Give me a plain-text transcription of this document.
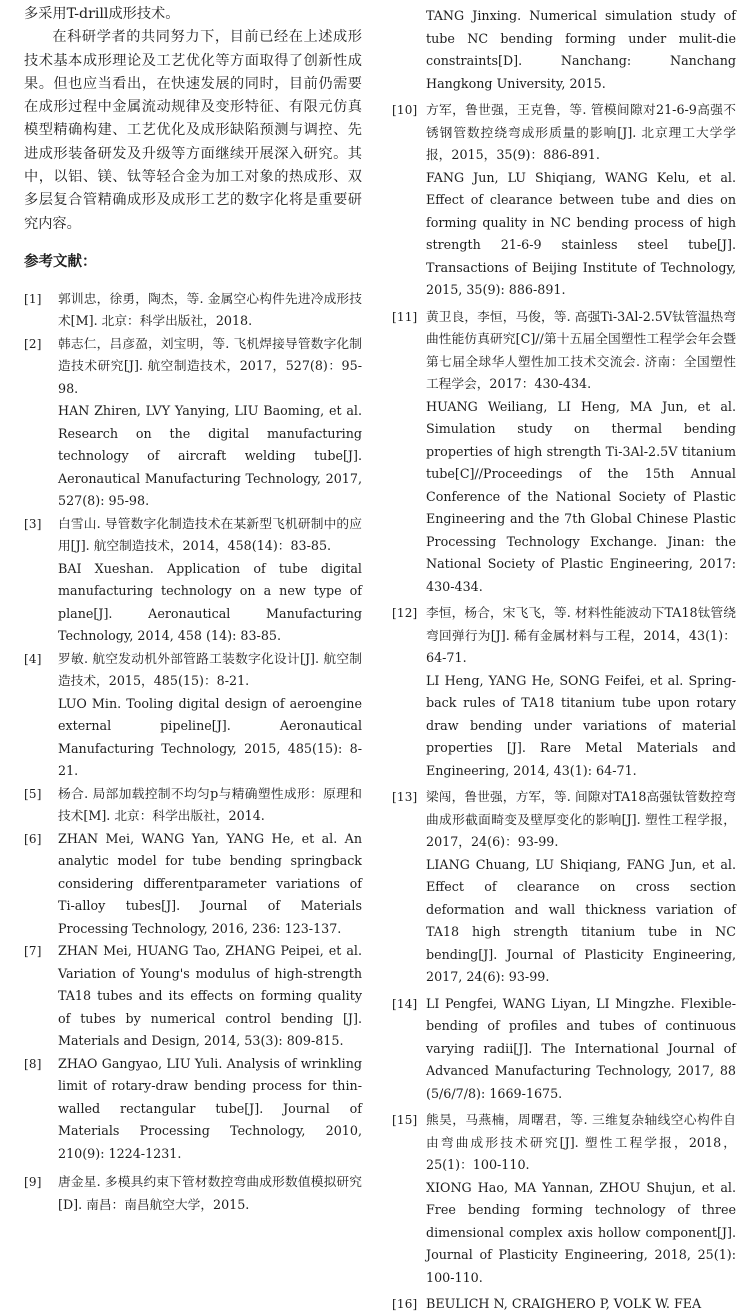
多采用T-drill成形技术。

在科研学者的共同努力下，目前已经在上述成形技术基本成形理论及工艺优化等方面取得了创新性成果。但也应当看出，在快速发展的同时，目前仍需要在成形过程中金属流动规律及变形特征、有限元仿真模型精确构建、工艺优化及成形缺陷预测与调控、先进成形装备研发及升级等方面继续开展深入研究。其中，以铝、镁、钛等轻合金为加工对象的热成形、双多层复合管精确成形及成形工艺的数字化将是重要研究内容。

参考文献：
[1]	郭训忠，徐勇，陶杰，等. 金属空心构件先进冷成形技术[M]. 北京：科学出版社，2018.

[2]	韩志仁，吕彦盈，刘宝明，等. 飞机焊接导管数字化制造技术研究[J]. 航空制造技术，2017，527(8)：95-98.

HAN Zhiren, LVY Yanying, LIU Baoming, et al. Research on the digital manufacturing technology of aircraft welding tube[J]. Aeronautical Manufacturing Technology, 2017, 527(8): 95-98.

[3]	白雪山. 导管数字化制造技术在某新型飞机研制中的应用[J]. 航空制造技术，2014，458(14)：83-85.

BAI Xueshan. Application of tube digital manufacturing technology on a new type of plane[J]. Aeronautical Manufacturing Technology, 2014, 458 (14): 83-85.

[4]	罗敏. 航空发动机外部管路工装数字化设计[J]. 航空制造技术，2015，485(15)：8-21.

LUO Min. Tooling digital design of aeroengine external pipeline[J]. Aeronautical Manufacturing Technology, 2015, 485(15): 8-21.

[5]	杨合. 局部加载控制不均匀p与精确塑性成形：原理和技术[M]. 北京：科学出版社，2014.

[6]	ZHAN Mei, WANG Yan, YANG He, et al. An analytic model for tube bending springback considering differentparameter variations of Ti-alloy tubes[J]. Journal of Materials Processing Technology, 2016, 236: 123-137.

[7]	ZHAN Mei, HUANG Tao, ZHANG Peipei, et al. Variation of Young's modulus of high-strength TA18 tubes and its effects on forming quality of tubes by numerical control bending [J]. Materials and Design, 2014, 53(3): 809-815.

[8]	ZHAO Gangyao, LIU Yuli. Analysis of wrinkling limit of rotary-draw bending process for thin-walled rectangular tube[J]. Journal of Materials Processing Technology, 2010, 210(9): 1224-1231.

[9]	唐金星. 多模具约束下管材数控弯曲成形数值模拟研究[D]. 南昌：南昌航空大学，2015.

TANG Jinxing. Numerical simulation study of tube NC bending forming under mulit-die constraints[D]. Nanchang: Nanchang Hangkong University, 2015.

[10] 方军，鲁世强，王克鲁，等. 管模间隙对21-6-9高强不锈钢管数控绕弯成形质量的影响[J]. 北京理工大学学报，2015，35(9)：886-891.

FANG Jun, LU Shiqiang, WANG Kelu, et al. Effect of clearance between tube and dies on forming quality in NC bending process of high strength 21-6-9 stainless steel tube[J]. Transactions of Beijing Institute of Technology, 2015, 35(9): 886-891.

[11] 黄卫良，李恒，马俊，等. 高强Ti-3Al-2.5V钛管温热弯曲性能仿真研究[C]//第十五届全国塑性工程学会年会暨第七届全球华人塑性加工技术交流会. 济南：全国塑性工程学会，2017：430-434.

HUANG Weiliang, LI Heng, MA Jun, et al. Simulation study on thermal bending properties of high strength Ti-3Al-2.5V titanium tube[C]//Proceedings of the 15th Annual Conference of the National Society of Plastic Engineering and the 7th Global Chinese Plastic Processing Technology Exchange. Jinan: the National Society of Plastic Engineering, 2017: 430-434.

[12] 李恒，杨合，宋飞飞，等. 材料性能波动下TA18钛管绕弯回弹行为[J]. 稀有金属材料与工程，2014，43(1)：64-71.

LI Heng, YANG He, SONG Feifei, et al. Springback rules of TA18 titanium tube upon rotary draw bending under variations of material properties [J]. Rare Metal Materials and Engineering, 2014, 43(1): 64-71.

[13] 梁闯，鲁世强，方军，等. 间隙对TA18高强钛管数控弯曲成形截面畸变及壁厚变化的影响[J]. 塑性工程学报，2017，24(6)：93-99.

LIANG Chuang, LU Shiqiang, FANG Jun, et al. Effect of clearance on cross section deformation and wall thickness variation of TA18 high strength titanium tube in NC bending[J]. Journal of Plasticity Engineering, 2017, 24(6): 93-99.

[14] LI Pengfei, WANG Liyan, LI Mingzhe. Flexible-bending of profiles and tubes of continuous varying radii[J]. The International Journal of Advanced Manufacturing Technology, 2017, 88 (5/6/7/8): 1669-1675.

[15] 熊昊，马燕楠，周曙君，等. 三维复杂轴线空心构件自由弯曲成形技术研究[J]. 塑性工程学报，2018，25(1)：100-110.

XIONG Hao, MA Yannan, ZHOU Shujun, et al. Free bending forming technology of three dimensional complex axis hollow component[J]. Journal of Plasticity Engineering, 2018, 25(1): 100-110.

[16] BEULICH N, CRAIGHERO P, VOLK W. FEA
